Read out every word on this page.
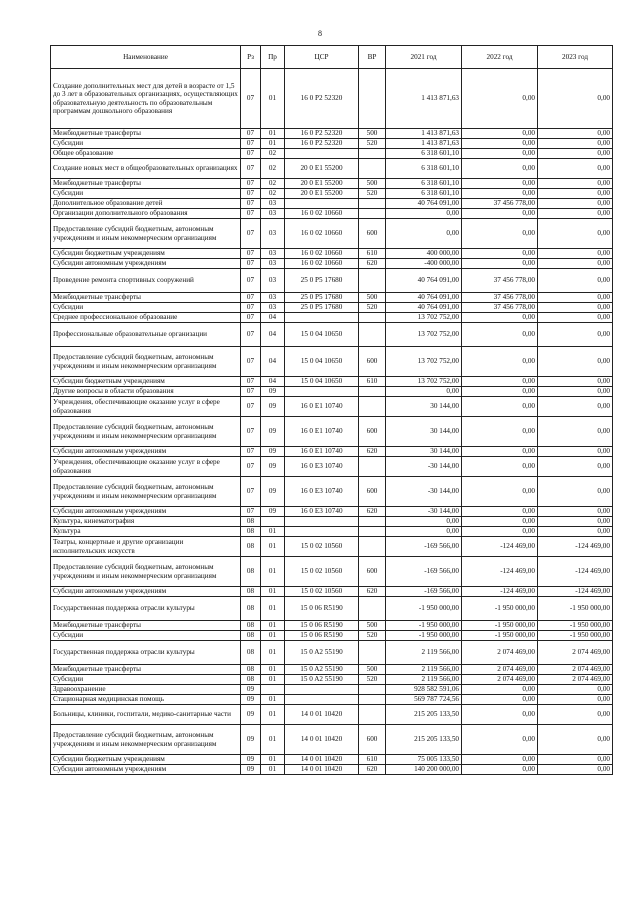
8
Наименование	Рз	Пр	ЦСР	ВР	2021 год	2022 год	2023 год
Создание дополнительных мест для детей в возрасте от 1,5 до 3 лет в образовательных организациях, осуществляющих образовательную деятельность по образовательным программам дошкольного образования	07	01	16 0 P2 52320		1 413 871,63	0,00	0,00
Межбюджетные трансферты	07	01	16 0 P2 52320	500	1 413 871,63	0,00	0,00
Субсидии	07	01	16 0 P2 52320	520	1 413 871,63	0,00	0,00
Общее образование	07	02			6 318 601,10	0,00	0,00
Создание новых мест в общеобразовательных организациях	07	02	20 0 E1 55200		6 318 601,10	0,00	0,00
Межбюджетные трансферты	07	02	20 0 E1 55200	500	6 318 601,10	0,00	0,00
Субсидии	07	02	20 0 E1 55200	520	6 318 601,10	0,00	0,00
Дополнительное образование детей	07	03			40 764 091,00	37 456 778,00	0,00
Организации дополнительного образования	07	03	16 0 02 10660		0,00	0,00	0,00
Предоставление субсидий бюджетным, автономным учреждениям и иным некоммерческим организациям	07	03	16 0 02 10660	600	0,00	0,00	0,00
Субсидии бюджетным учреждениям	07	03	16 0 02 10660	610	400 000,00	0,00	0,00
Субсидии автономным учреждениям	07	03	16 0 02 10660	620	-400 000,00	0,00	0,00
Проведение ремонта спортивных сооружений	07	03	25 0 P5 17680		40 764 091,00	37 456 778,00	0,00
Межбюджетные трансферты	07	03	25 0 P5 17680	500	40 764 091,00	37 456 778,00	0,00
Субсидии	07	03	25 0 P5 17680	520	40 764 091,00	37 456 778,00	0,00
Среднее профессиональное образование	07	04			13 702 752,00	0,00	0,00
Профессиональные образовательные организации	07	04	15 0 04 10650		13 702 752,00	0,00	0,00
Предоставление субсидий бюджетным, автономным учреждениям и иным некоммерческим организациям	07	04	15 0 04 10650	600	13 702 752,00	0,00	0,00
Субсидии бюджетным учреждениям	07	04	15 0 04 10650	610	13 702 752,00	0,00	0,00
Другие вопросы в области образования	07	09			0,00	0,00	0,00
Учреждения, обеспечивающие оказание услуг в сфере образования	07	09	16 0 E1 10740		30 144,00	0,00	0,00
Предоставление субсидий бюджетным, автономным учреждениям и иным некоммерческим организациям	07	09	16 0 E1 10740	600	30 144,00	0,00	0,00
Субсидии автономным учреждениям	07	09	16 0 E1 10740	620	30 144,00	0,00	0,00
Учреждения, обеспечивающие оказание услуг в сфере образования	07	09	16 0 E3 10740		-30 144,00	0,00	0,00
Предоставление субсидий бюджетным, автономным учреждениям и иным некоммерческим организациям	07	09	16 0 E3 10740	600	-30 144,00	0,00	0,00
Субсидии автономным учреждениям	07	09	16 0 E3 10740	620	-30 144,00	0,00	0,00
Культура, кинематография	08				0,00	0,00	0,00
Культура	08	01			0,00	0,00	0,00
Театры, концертные и другие организации исполнительских искусств	08	01	15 0 02 10560		-169 566,00	-124 469,00	-124 469,00
Предоставление субсидий бюджетным, автономным учреждениям и иным некоммерческим организациям	08	01	15 0 02 10560	600	-169 566,00	-124 469,00	-124 469,00
Субсидии автономным учреждениям	08	01	15 0 02 10560	620	-169 566,00	-124 469,00	-124 469,00
Государственная поддержка отрасли культуры	08	01	15 0 06 R5190		-1 950 000,00	-1 950 000,00	-1 950 000,00
Межбюджетные трансферты	08	01	15 0 06 R5190	500	-1 950 000,00	-1 950 000,00	-1 950 000,00
Субсидии	08	01	15 0 06 R5190	520	-1 950 000,00	-1 950 000,00	-1 950 000,00
Государственная поддержка отрасли культуры	08	01	15 0 A2 55190		2 119 566,00	2 074 469,00	2 074 469,00
Межбюджетные трансферты	08	01	15 0 A2 55190	500	2 119 566,00	2 074 469,00	2 074 469,00
Субсидии	08	01	15 0 A2 55190	520	2 119 566,00	2 074 469,00	2 074 469,00
Здравоохранение	09				928 582 591,06	0,00	0,00
Стационарная медицинская помощь	09	01			569 787 724,56	0,00	0,00
Больницы, клиники, госпитали, медико-санитарные части	09	01	14 0 01 10420		215 205 133,50	0,00	0,00
Предоставление субсидий бюджетным, автономным учреждениям и иным некоммерческим организациям	09	01	14 0 01 10420	600	215 205 133,50	0,00	0,00
Субсидии бюджетным учреждениям	09	01	14 0 01 10420	610	75 005 133,50	0,00	0,00
Субсидии автономным учреждениям	09	01	14 0 01 10420	620	140 200 000,00	0,00	0,00
